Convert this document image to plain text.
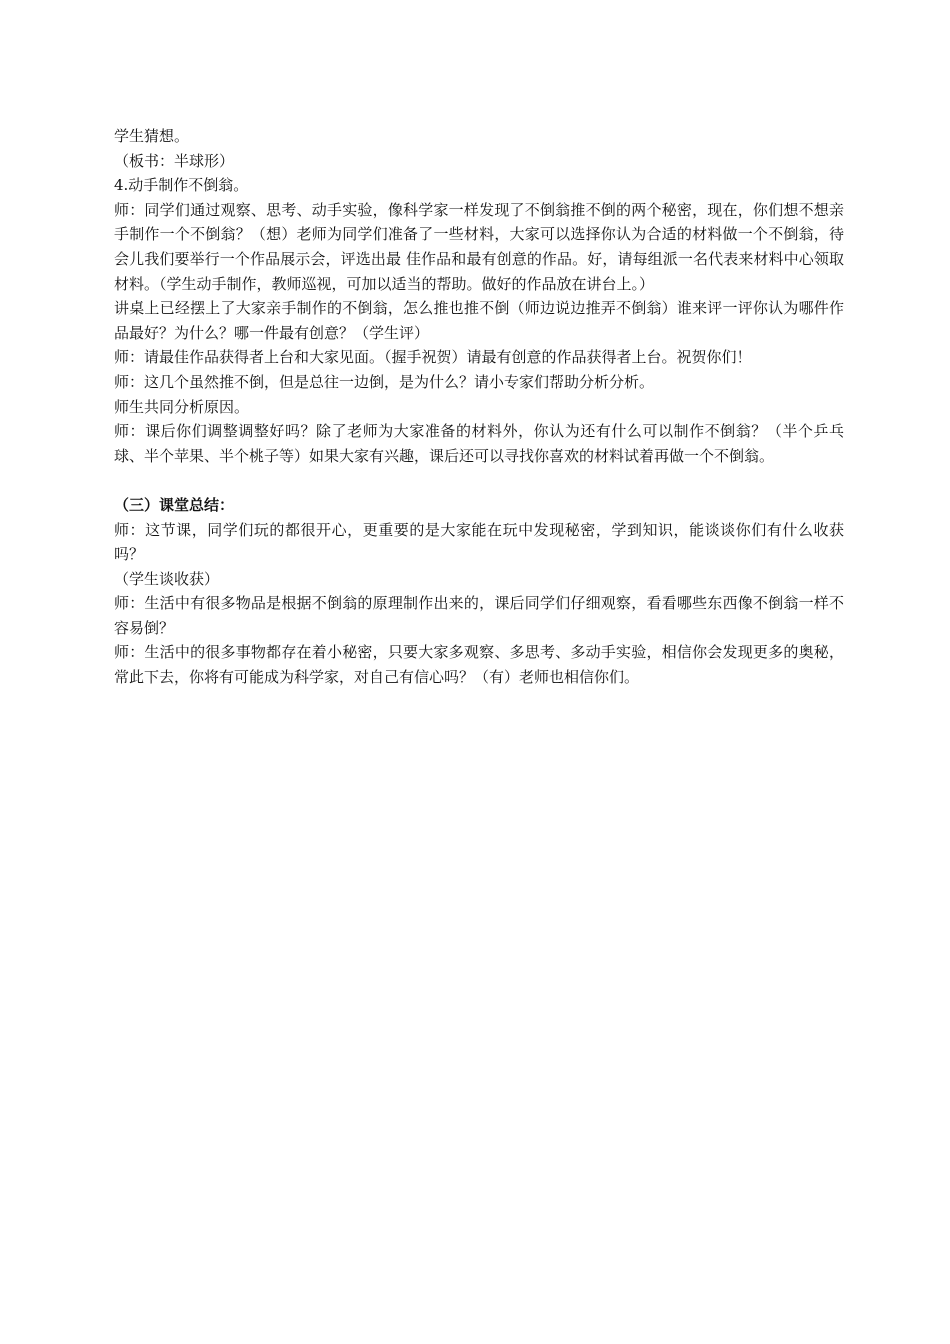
学生猜想。

（板书：半球形）

4.动手制作不倒翁。

师：同学们通过观察、思考、动手实验，像科学家一样发现了不倒翁推不倒的两个秘密，现在，你们想不想亲手制作一个不倒翁？（想）老师为同学们准备了一些材料，大家可以选择你认为合适的材料做一个不倒翁，待会儿我们要举行一个作品展示会，评选出最 佳作品和最有创意的作品。好，请每组派一名代表来材料中心领取材料。（学生动手制作，教师巡视，可加以适当的帮助。做好的作品放在讲台上。）

讲桌上已经摆上了大家亲手制作的不倒翁，怎么推也推不倒（师边说边推弄不倒翁）谁来评一评你认为哪件作品最好？为什么？哪一件最有创意？（学生评）

师：请最佳作品获得者上台和大家见面。（握手祝贺）请最有创意的作品获得者上台。祝贺你们！

师：这几个虽然推不倒，但是总往一边倒，是为什么？请小专家们帮助分析分析。

师生共同分析原因。

师：课后你们调整调整好吗？除了老师为大家准备的材料外，你认为还有什么可以制作不倒翁？（半个乒乓球、半个苹果、半个桃子等）如果大家有兴趣，课后还可以寻找你喜欢的材料试着再做一个不倒翁。

（三）课堂总结：

师：这节课，同学们玩的都很开心，更重要的是大家能在玩中发现秘密，学到知识，能谈谈你们有什么收获吗？

（学生谈收获）

师：生活中有很多物品是根据不倒翁的原理制作出来的，课后同学们仔细观察，看看哪些东西像不倒翁一样不容易倒？

师：生活中的很多事物都存在着小秘密，只要大家多观察、多思考、多动手实验，相信你会发现更多的奥秘，常此下去，你将有可能成为科学家，对自己有信心吗？（有）老师也相信你们。
